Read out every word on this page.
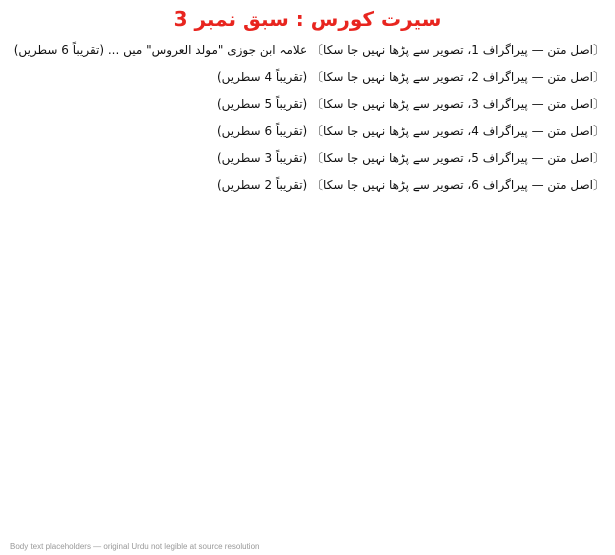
سیرت کورس : سبق نمبر 3

〔اصل متن — پیراگراف 1، تصویر سے پڑھا نہیں جا سکا〕 علامہ ابن جوزی "مولد العروس" میں ... (تقریباً 6 سطریں)

〔اصل متن — پیراگراف 2، تصویر سے پڑھا نہیں جا سکا〕 (تقریباً 4 سطریں)

〔اصل متن — پیراگراف 3، تصویر سے پڑھا نہیں جا سکا〕 (تقریباً 5 سطریں)

〔اصل متن — پیراگراف 4، تصویر سے پڑھا نہیں جا سکا〕 (تقریباً 6 سطریں)

〔اصل متن — پیراگراف 5، تصویر سے پڑھا نہیں جا سکا〕 (تقریباً 3 سطریں)

〔اصل متن — پیراگراف 6، تصویر سے پڑھا نہیں جا سکا〕 (تقریباً 2 سطریں)

Body text placeholders — original Urdu not legible at source resolution
